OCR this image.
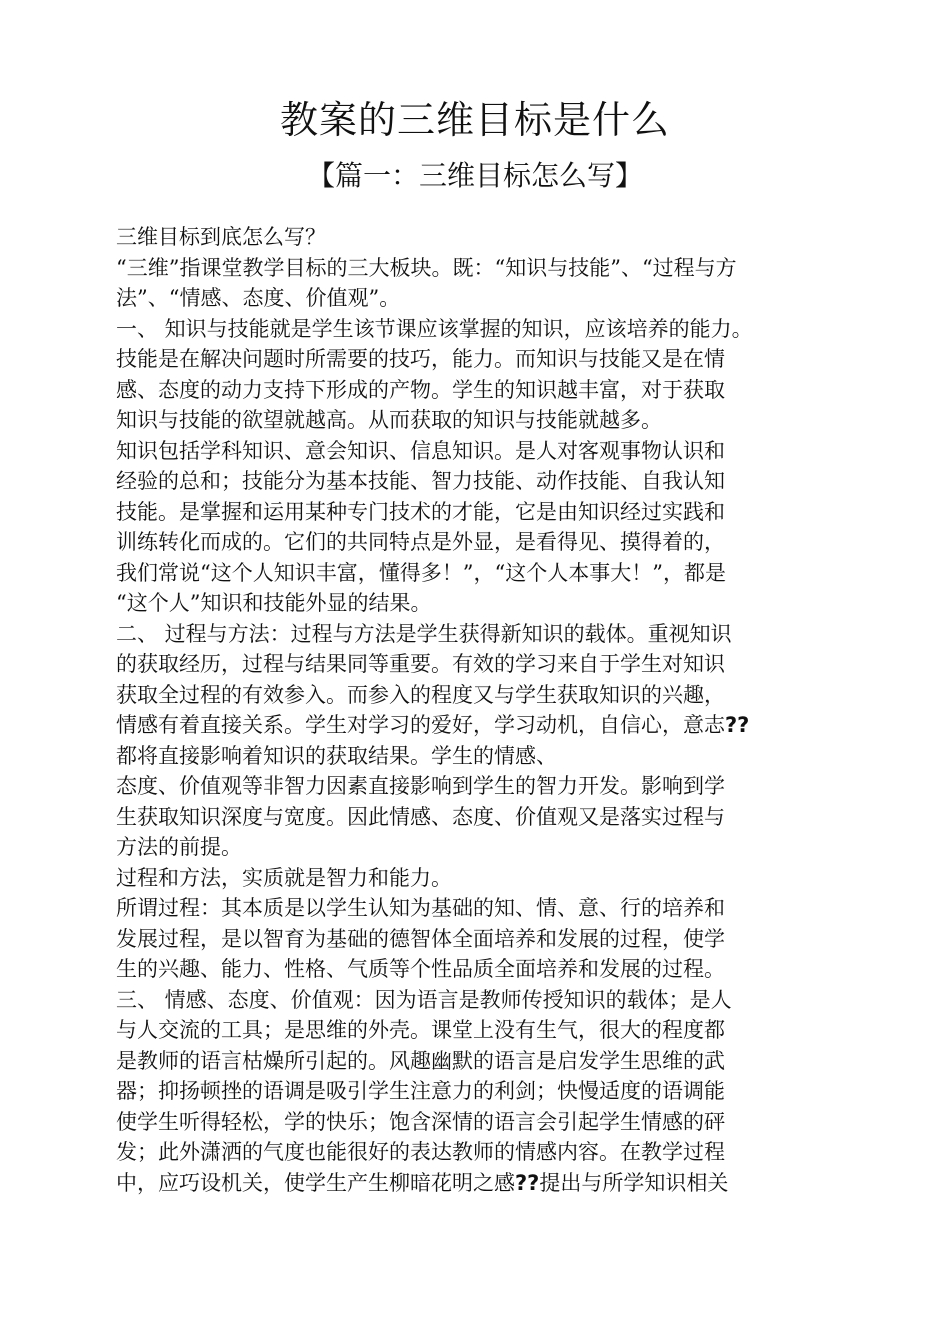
教案的三维目标是什么
【篇一：三维目标怎么写】
三维目标到底怎么写？
“三维”指课堂教学目标的三大板块。既：“知识与技能”、“过程与方
法”、“情感、态度、价值观”。
一、 知识与技能就是学生该节课应该掌握的知识，应该培养的能力。
技能是在解决问题时所需要的技巧，能力。而知识与技能又是在情
感、态度的动力支持下形成的产物。学生的知识越丰富，对于获取
知识与技能的欲望就越高。从而获取的知识与技能就越多。
知识包括学科知识、意会知识、信息知识。是人对客观事物认识和
经验的总和；技能分为基本技能、智力技能、动作技能、自我认知
技能。是掌握和运用某种专门技术的才能，它是由知识经过实践和
训练转化而成的。它们的共同特点是外显，是看得见、摸得着的，
我们常说“这个人知识丰富，懂得多！”，“这个人本事大！”，都是
“这个人”知识和技能外显的结果。
二、 过程与方法：过程与方法是学生获得新知识的载体。重视知识
的获取经历，过程与结果同等重要。有效的学习来自于学生对知识
获取全过程的有效参入。而参入的程度又与学生获取知识的兴趣，
情感有着直接关系。学生对学习的爱好，学习动机，自信心，意志??
都将直接影响着知识的获取结果。学生的情感、
态度、价值观等非智力因素直接影响到学生的智力开发。影响到学
生获取知识深度与宽度。因此情感、态度、价值观又是落实过程与
方法的前提。
过程和方法，实质就是智力和能力。
所谓过程：其本质是以学生认知为基础的知、情、意、行的培养和
发展过程，是以智育为基础的德智体全面培养和发展的过程，使学
生的兴趣、能力、性格、气质等个性品质全面培养和发展的过程。
三、 情感、态度、价值观：因为语言是教师传授知识的载体；是人
与人交流的工具；是思维的外壳。课堂上没有生气，很大的程度都
是教师的语言枯燥所引起的。风趣幽默的语言是启发学生思维的武
器；抑扬顿挫的语调是吸引学生注意力的利剑；快慢适度的语调能
使学生听得轻松，学的快乐；饱含深情的语言会引起学生情感的砰
发；此外潇洒的气度也能很好的表达教师的情感内容。在教学过程
中，应巧设机关，使学生产生柳暗花明之感??提出与所学知识相关
